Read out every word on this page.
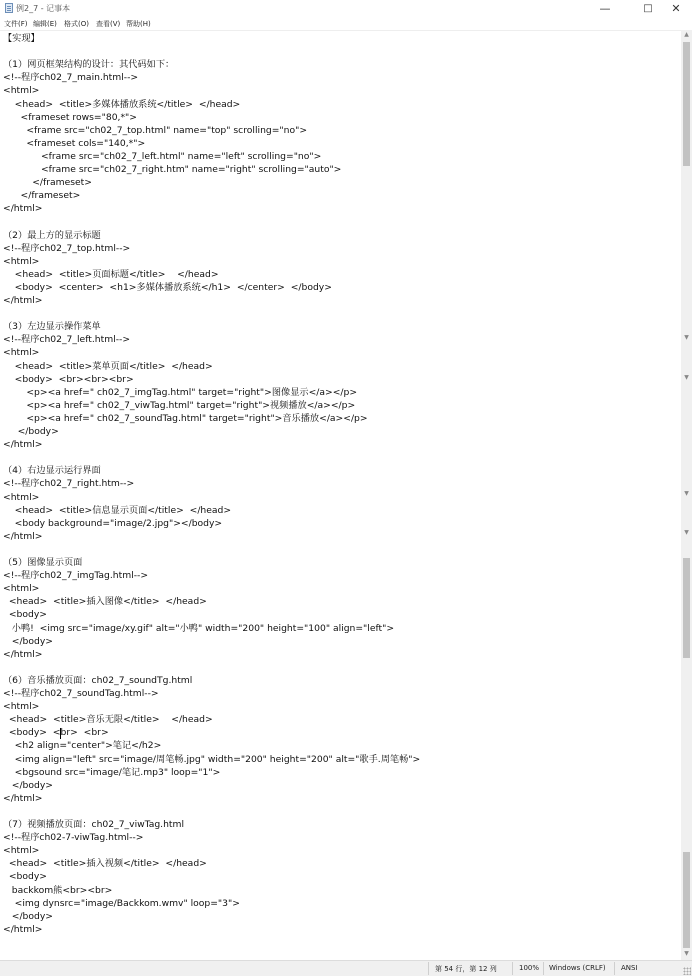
例2_7 - 记事本	—	□	✕
文件(F) 编辑(E) 格式(O) 查看(V) 帮助(H)
【实现】
（1）网页框架结构的设计：其代码如下：
<!--程序ch02_7_main.html-->
<html>
<head>  <title>多媒体播放系统</title>  </head>
<frameset rows="80,*">
<frame src="ch02_7_top.html" name="top" scrolling="no">
<frameset cols="140,*">
<frame src="ch02_7_left.html" name="left" scrolling="no">
<frame src="ch02_7_right.htm" name="right" scrolling="auto">
</frameset>
</frameset>
</html>
（2）最上方的显示标题
<!--程序ch02_7_top.html-->
<html>
<head>  <title>页面标题</title>    </head>
<body>  <center>  <h1>多媒体播放系统</h1>  </center>  </body>
</html>
（3）左边显示操作菜单
<!--程序ch02_7_left.html-->
<html>
<head>  <title>菜单页面</title>  </head>
<body>  <br><br><br>
<p><a href=" ch02_7_imgTag.html" target="right">图像显示</a></p>
<p><a href=" ch02_7_viwTag.html" target="right">视频播放</a></p>
<p><a href=" ch02_7_soundTag.html" target="right">音乐播放</a></p>
</body>
</html>
（4）右边显示运行界面
<!--程序ch02_7_right.htm-->
<html>
<head>  <title>信息显示页面</title>  </head>
<body background="image/2.jpg"></body>
</html>
（5）图像显示页面
<!--程序ch02_7_imgTag.html-->
<html>
<head>  <title>插入图像</title>  </head>
<body>
小鸭!  <img src="image/xy.gif" alt="小鸭" width="200" height="100" align="left">
</body>
</html>
（6）音乐播放页面：ch02_7_soundTg.html
<!--程序ch02_7_soundTag.html-->
<html>
<head>  <title>音乐无限</title>    </head>
<body>  <br>  <br>
<h2 align="center">笔记</h2>
<img align="left" src="image/周笔畅.jpg" width="200" height="200" alt="歌手.周笔畅">
<bgsound src="image/笔记.mp3" loop="1">
</body>
</html>
（7）视频播放页面：ch02_7_viwTag.html
<!--程序ch02-7-viwTag.html-->
<html>
<head>  <title>插入视频</title>  </head>
<body>
backkom熊<br><br>
<img dynsrc="image/Backkom.wmv" loop="3">
</body>
</html>
▲
▼
▼
▼
▼
▼
第 54 行，第 12 列	100% Windows (CRLF) ANSI
